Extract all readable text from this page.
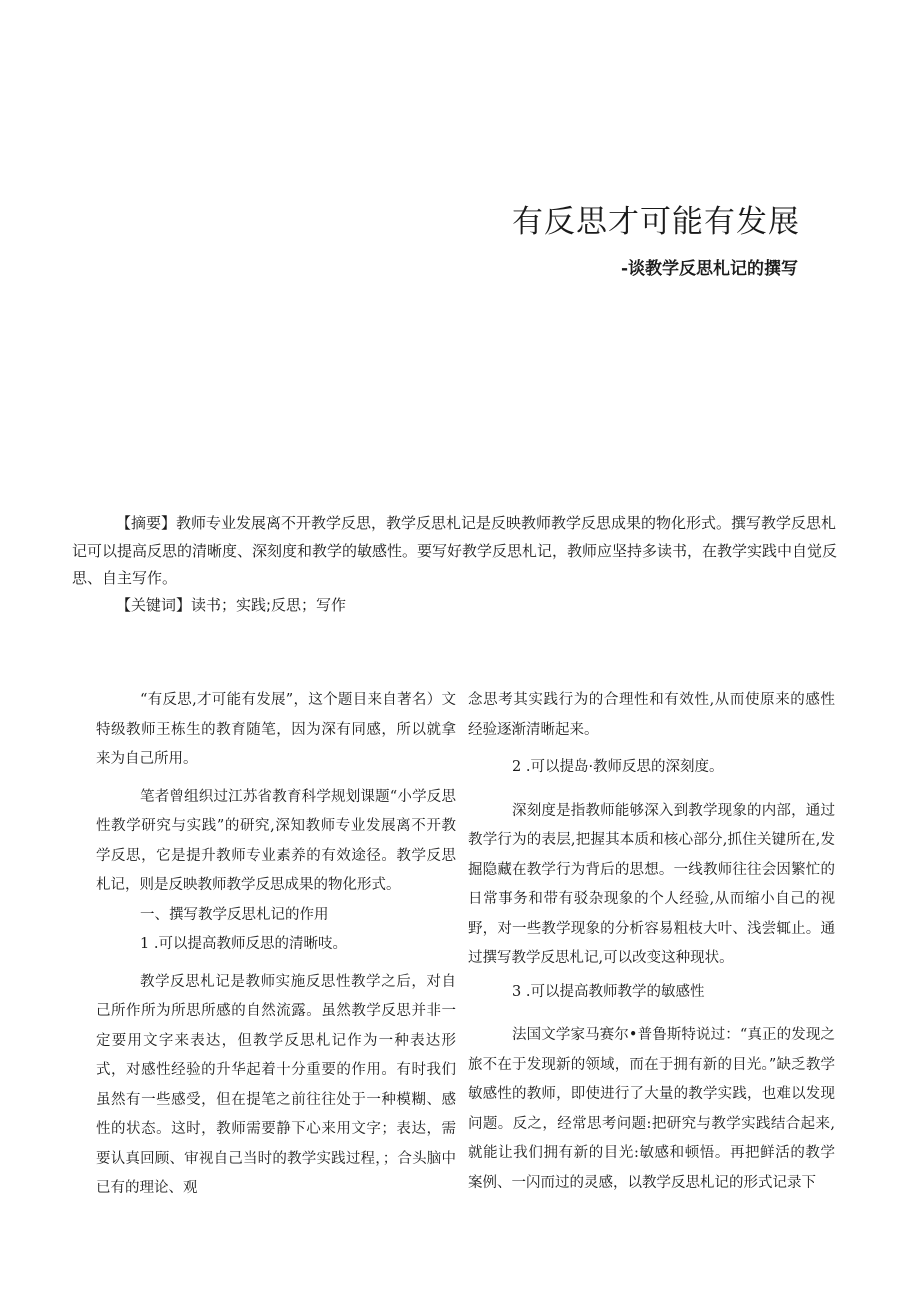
有反思才可能有发展
-谈教学反思札记的撰写

【摘要】教师专业发展离不开教学反思，教学反思札记是反映教师教学反思成果的物化形式。撰写教学反思札记可以提高反思的清晰度、深刻度和教学的敏感性。要写好教学反思札记，教师应坚持多读书，在教学实践中自觉反思、自主写作。

【关键词】读书；实践;反思；写作

“有反思,才可能有发展”，这个题目来自著名）文特级教师王栋生的教育随笔，因为深有同感，所以就拿来为自己所用。

笔者曾组织过江苏省教育科学规划课题“小学反思性教学研究与实践”的研究,深知教师专业发展离不开教学反思，它是提升教师专业素养的有效途径。教学反思札记，则是反映教师教学反思成果的物化形式。

一、撰写教学反思札记的作用

1 .可以提高教师反思的清晰吱。

教学反思札记是教师实施反思性教学之后，对自己所作所为所思所感的自然流露。虽然教学反思并非一定要用文字来表达，但教学反思札记作为一种表达形式，对感性经验的升华起着十分重要的作用。有时我们虽然有一些感受，但在提笔之前往往处于一种模糊、感性的状态。这时，教师需要静下心来用文字；表达，需要认真回顾、审视自己当时的教学实践过程，；合头脑中已有的理论、观

念思考其实践行为的合理性和有效性,从而使原来的感性经验逐渐清晰起来。

2 .可以提岛·教师反思的深刻度。

深刻度是指教师能够深入到教学现象的内部，通过教学行为的表层,把握其本质和核心部分,抓住关键所在,发掘隐藏在教学行为背后的思想。一线教师往往会因繁忙的日常事务和带有驳杂现象的个人经验,从而缩小自己的视野，对一些教学现象的分析容易粗枝大叶、浅尝辄止。通过撰写教学反思札记,可以改变这种现状。

3 .可以提高教师教学的敏感性

法国文学家马赛尔•普鲁斯特说过：“真正的发现之旅不在于发现新的领域，而在于拥有新的目光。”缺乏教学敏感性的教师，即使进行了大量的教学实践，也难以发现问题。反之，经常思考问题:把研究与教学实践结合起来,就能让我们拥有新的目光:敏感和顿悟。再把鲜活的教学案例、一闪而过的灵感，以教学反思札记的形式记录下
